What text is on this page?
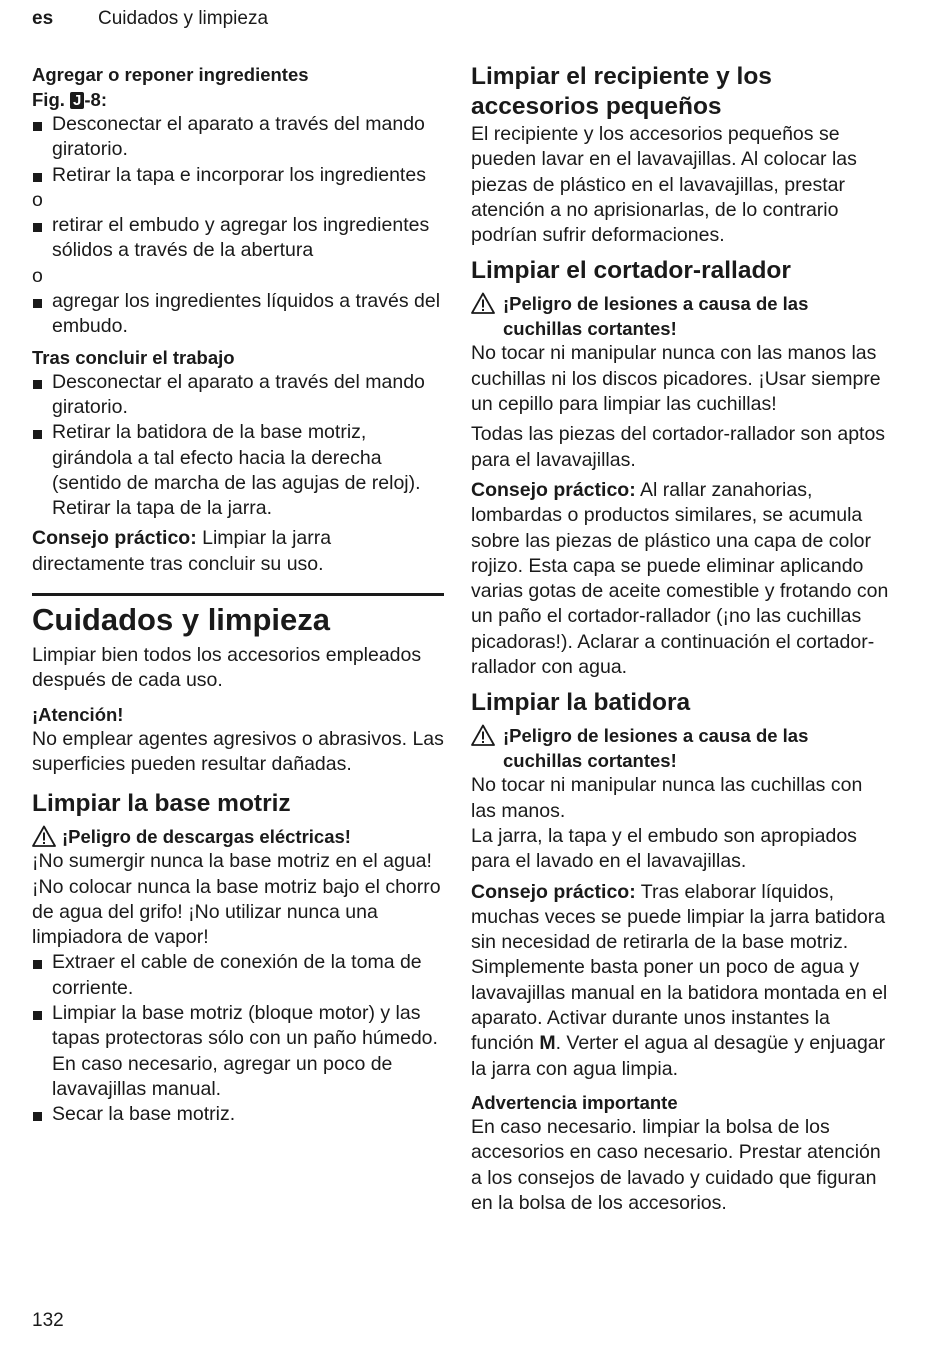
es Cuidados y limpieza

Agregar o reponer ingredientes

Fig. J -8:

Desconectar el aparato a través del mando giratorio.
Retirar la tapa e incorporar los ingredientes

o

retirar el embudo y agregar los ingredientes sólidos a través de la abertura

o

agregar los ingredientes líquidos a través del embudo.

Tras concluir el trabajo

Desconectar el aparato a través del mando giratorio.
Retirar la batidora de la base motriz, girándola a tal efecto hacia la derecha (sentido de marcha de las agujas de reloj). Retirar la tapa de la jarra.

Consejo práctico: Limpiar la jarra directamente tras concluir su uso.

Cuidados y limpieza

Limpiar bien todos los accesorios empleados después de cada uso.

¡Atención!

No emplear agentes agresivos o abrasivos. Las superficies pueden resultar dañadas.

Limpiar la base motriz

¡Peligro de descargas eléctricas!

¡No sumergir nunca la base motriz en el agua! ¡No colocar nunca la base motriz bajo el chorro de agua del grifo! ¡No utilizar nunca una limpiadora de vapor!

Extraer el cable de conexión de la toma de corriente.
Limpiar la base motriz (bloque motor) y las tapas protectoras sólo con un paño húmedo. En caso necesario, agregar un poco de lavavajillas manual.
Secar la base motriz.

Limpiar el recipiente y los accesorios pequeños

El recipiente y los accesorios pequeños se pueden lavar en el lavavajillas. Al colocar las piezas de plástico en el lavavajillas, prestar atención a no aprisionarlas, de lo contrario podrían sufrir deformaciones.

Limpiar el cortador-rallador

¡Peligro de lesiones a causa de las cuchillas cortantes!

No tocar ni manipular nunca con las manos las cuchillas ni los discos picadores. ¡Usar siempre un cepillo para limpiar las cuchillas!

Todas las piezas del cortador-rallador son aptos para el lavavajillas.

Consejo práctico: Al rallar zanahorias, lombardas o productos similares, se acumula sobre las piezas de plástico una capa de color rojizo. Esta capa se puede eliminar aplicando varias gotas de aceite comestible y frotando con un paño el cortador-rallador (¡no las cuchillas picadoras!). Aclarar a continuación el cortador-rallador con agua.

Limpiar la batidora

¡Peligro de lesiones a causa de las cuchillas cortantes!

No tocar ni manipular nunca las cuchillas con las manos.

La jarra, la tapa y el embudo son apropiados para el lavado en el lavavajillas.

Consejo práctico: Tras elaborar líquidos, muchas veces se puede limpiar la jarra batidora sin necesidad de retirarla de la base motriz. Simplemente basta poner un poco de agua y lavavajillas manual en la batidora montada en el aparato. Activar durante unos instantes la función M. Verter el agua al desagüe y enjuagar la jarra con agua limpia.

Advertencia importante

En caso necesario. limpiar la bolsa de los accesorios en caso necesario. Prestar atención a los consejos de lavado y cuidado que figuran en la bolsa de los accesorios.

132
